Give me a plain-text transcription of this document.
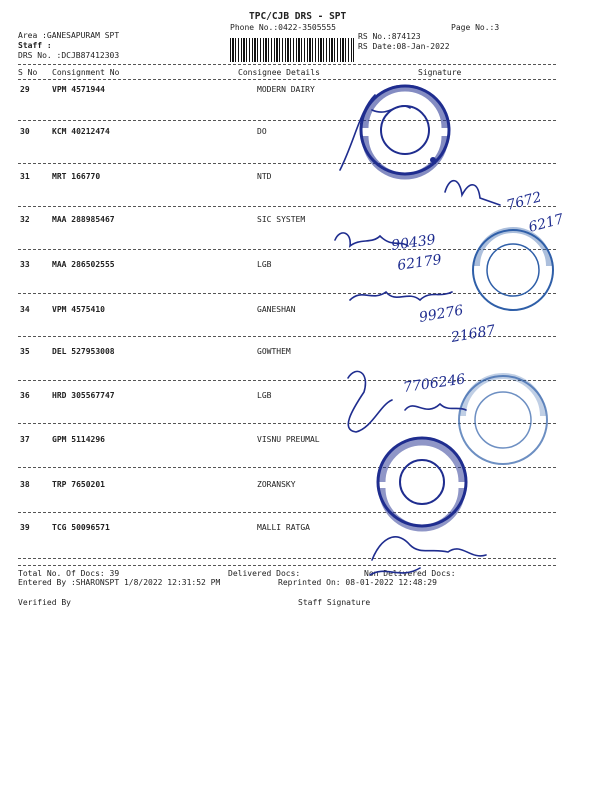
TPC/CJB DRS - SPT
Phone No.:0422-3505555	Page No.:3
Area :GANESAPURAM SPT
Staff :
DRS No. :DCJB87412303
RS No.:874123
RS Date:08-Jan-2022
S No Consignment No	Consignee Details	Signature
29	VPM 4571944	MODERN DAIRY
30	KCM 40212474	DO
31	MRT 166770	NTD
32	MAA 288985467	SIC SYSTEM
33	MAA 286502555	LGB
34	VPM 4575410	GANESHAN
35	DEL 527953008	GOWTHEM
36	HRD 305567747	LGB
37	GPM 5114296	VISNU PREUMAL
38	TRP 7650201	ZORANSKY
39	TCG 50096571	MALLI RATGA
Total No. Of Docs: 39	Delivered Docs:	Non Delivered Docs:
Entered By :SHARONSPT 1/8/2022 12:31:52 PM	Reprinted On: 08-01-2022 12:48:29
Verified By	Staff Signature
90439
62179
99276
21687
7706246
7672
6217
